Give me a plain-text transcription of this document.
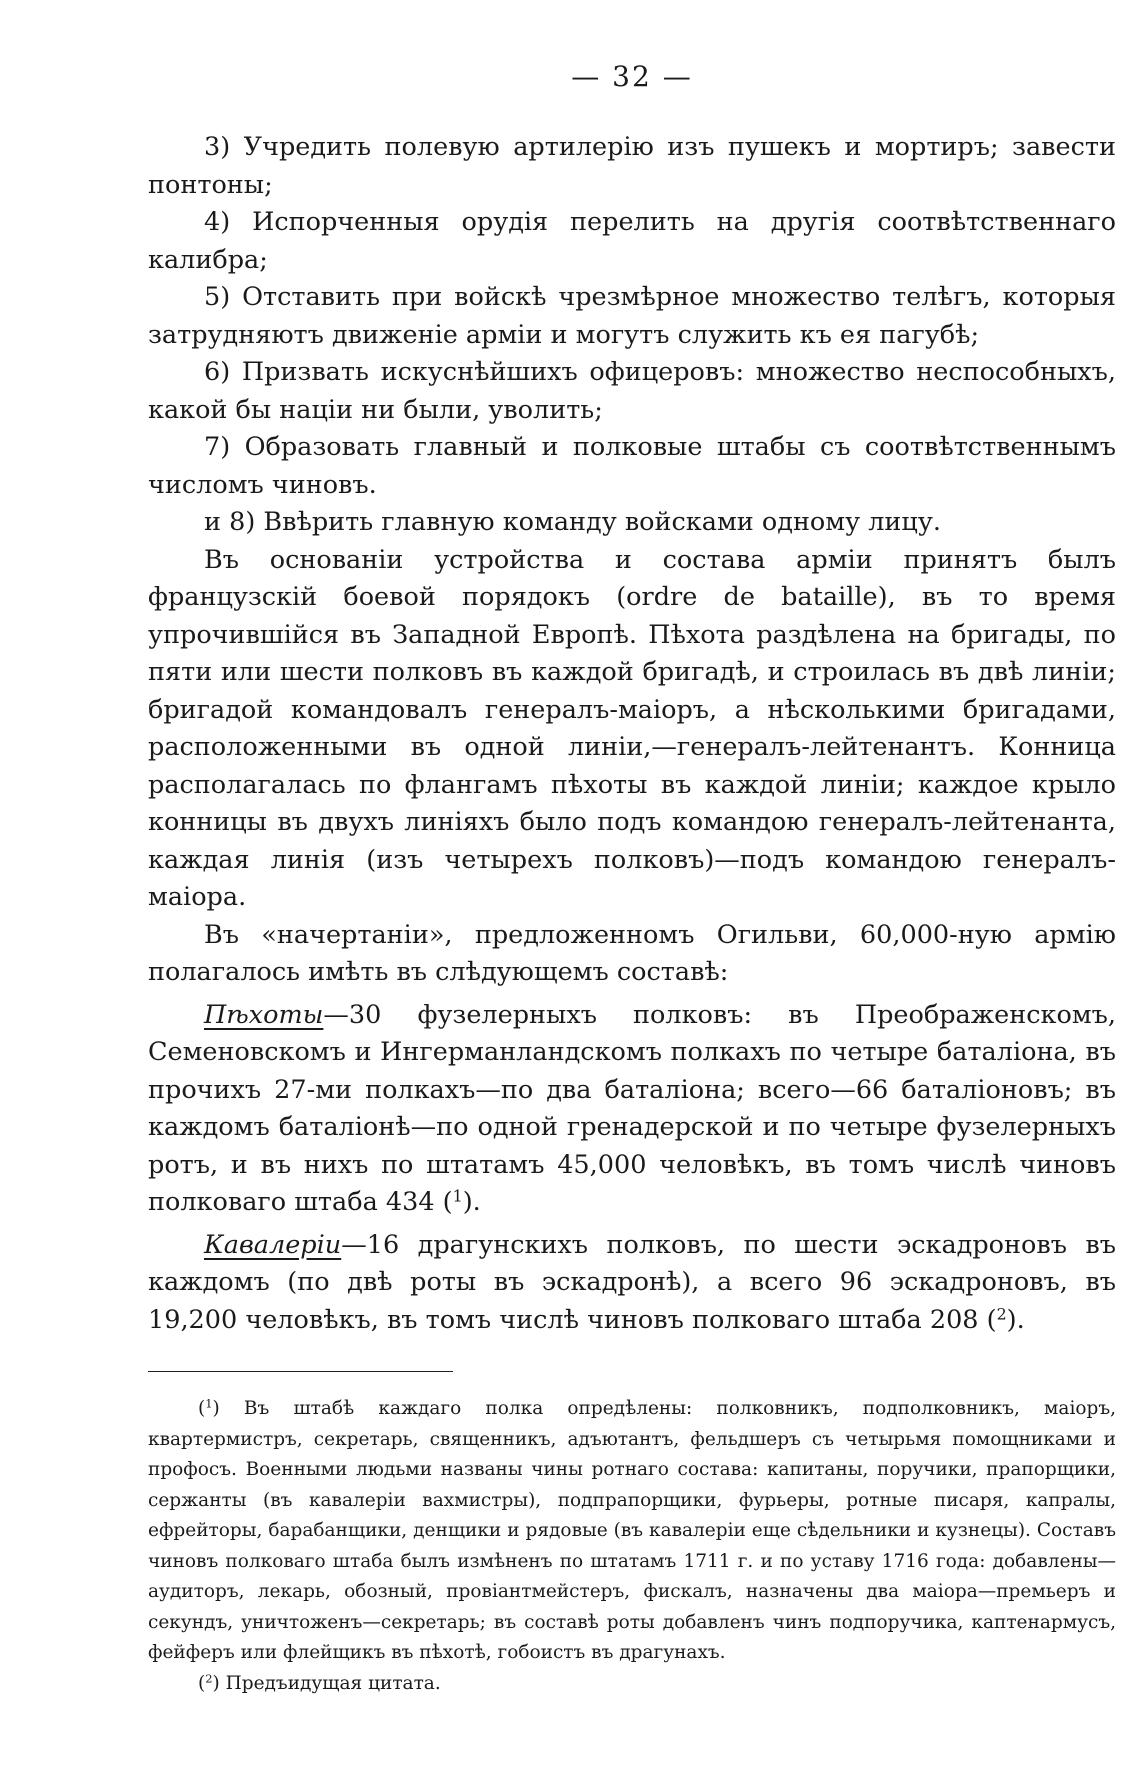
— 32 —

3) Учредить полевую артилерію изъ пушекъ и мортиръ; завести понтоны;

4) Испорченныя орудія перелить на другія соотвѣтственнаго калибра;

5) Отставить при войскѣ чрезмѣрное множество телѣгъ, которыя затрудняютъ движеніе арміи и могутъ служить къ ея пагубѣ;

6) Призвать искуснѣйшихъ офицеровъ: множество неспособныхъ, какой бы націи ни были, уволить;

7) Образовать главный и полковые штабы съ соотвѣтственнымъ числомъ чиновъ.

и 8) Ввѣрить главную команду войсками одному лицу.

Въ основаніи устройства и состава арміи принятъ былъ французскій боевой порядокъ (ordre de bataille), въ то время упрочившійся въ Западной Европѣ. Пѣхота раздѣлена на бригады, по пяти или шести полковъ въ каждой бригадѣ, и строилась въ двѣ линіи; бригадой командовалъ генералъ-маіоръ, а нѣсколькими бригадами, расположенными въ одной линіи,—генералъ-лейтенантъ. Конница располагалась по флангамъ пѣхоты въ каждой линіи; каждое крыло конницы въ двухъ линіяхъ было подъ командою генералъ-лейтенанта, каждая линія (изъ четырехъ полковъ)—подъ командою генералъ-маіора.

Въ «начертаніи», предложенномъ Огильви, 60,000-ную армію полагалось имѣть въ слѣдующемъ составѣ:

Пѣхоты—30 фузелерныхъ полковъ: въ Преображенскомъ, Семеновскомъ и Ингерманландскомъ полкахъ по четыре баталіона, въ прочихъ 27-ми полкахъ—по два баталіона; всего—66 баталіоновъ; въ каждомъ баталіонѣ—по одной гренадерской и по четыре фузелерныхъ ротъ, и въ нихъ по штатамъ 45,000 человѣкъ, въ томъ числѣ чиновъ полковаго штаба 434 ($^1$).

Кавалеріи—16 драгунскихъ полковъ, по шести эскадроновъ въ каждомъ (по двѣ роты въ эскадронѣ), а всего 96 эскадроновъ, въ 19,200 человѣкъ, въ томъ числѣ чиновъ полковаго штаба 208 ($^2$).

($^1$) Въ штабѣ каждаго полка опредѣлены: полковникъ, подполковникъ, маіоръ, квартермистръ, секретарь, священникъ, адъютантъ, фельдшеръ съ четырьмя помощниками и профосъ. Военными людьми названы чины ротнаго состава: капитаны, поручики, прапорщики, сержанты (въ кавалеріи вахмистры), подпрапорщики, фурьеры, ротные писаря, капралы, ефрейторы, барабанщики, денщики и рядовые (въ кавалеріи еще сѣдельники и кузнецы). Составъ чиновъ полковаго штаба былъ измѣненъ по штатамъ 1711 г. и по уставу 1716 года: добавлены—аудиторъ, лекарь, обозный, провіантмейстеръ, фискалъ, назначены два маіора—премьеръ и секундъ, уничтоженъ—секретарь; въ составѣ роты добавленъ чинъ подпоручика, каптенармусъ, фейферъ или флейщикъ въ пѣхотѣ, гобоистъ въ драгунахъ.

($^2$) Предъидущая цитата.
